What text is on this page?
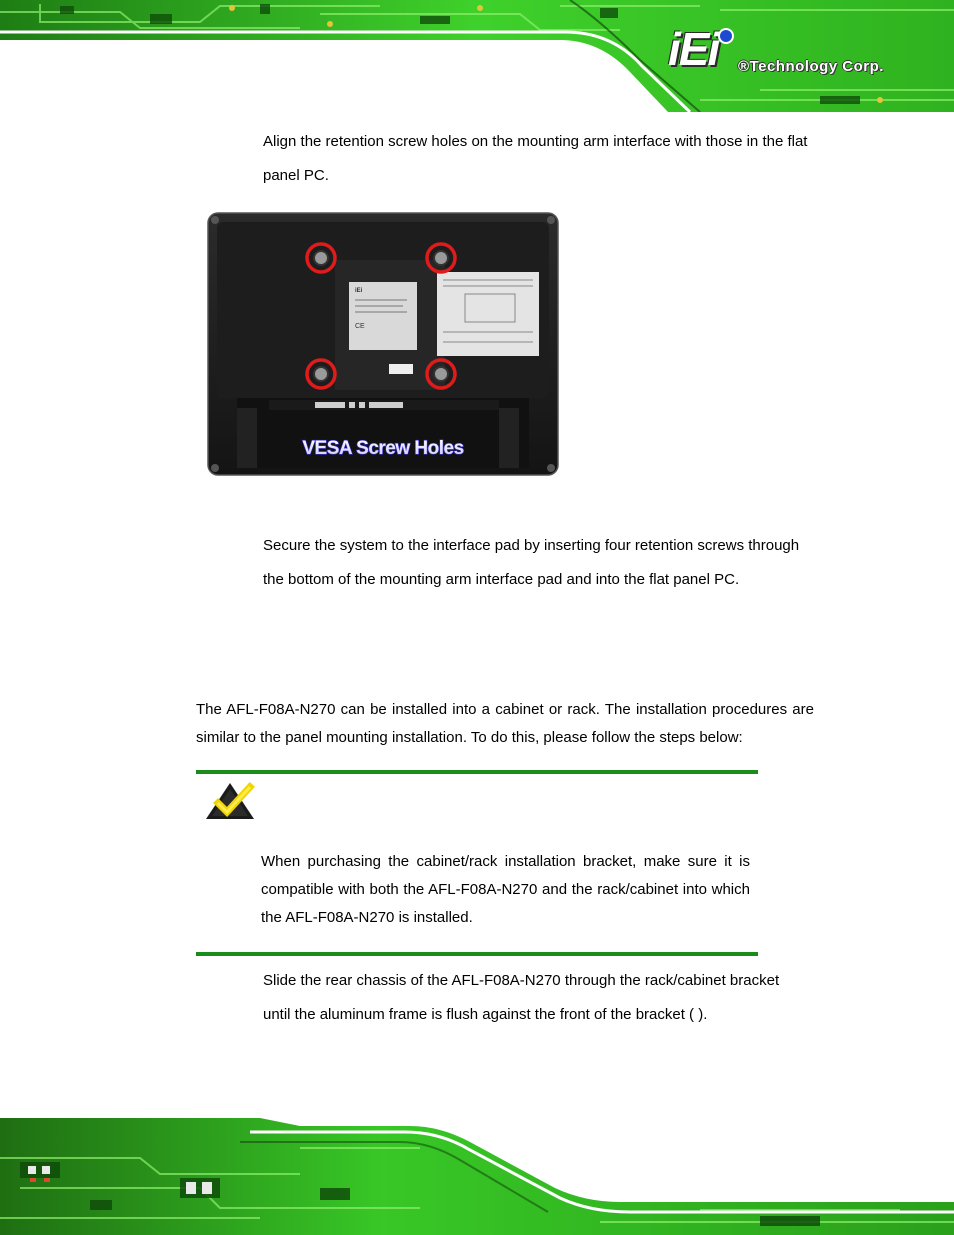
iEi ®Technology Corp.

Align the retention screw holes on the mounting arm interface with those in the flat panel PC.

iEi
CE
VESA Screw Holes

Secure the system to the interface pad by inserting four retention screws through the bottom of the mounting arm interface pad and into the flat panel PC.

The AFL-F08A-N270 can be installed into a cabinet or rack. The installation procedures are similar to the panel mounting installation. To do this, please follow the steps below:

When purchasing the cabinet/rack installation bracket, make sure it is compatible with both the AFL-F08A-N270 and the rack/cabinet into which the AFL-F08A-N270 is installed.

Slide the rear chassis of the AFL-F08A-N270 through the rack/cabinet bracket until the aluminum frame is flush against the front of the bracket ( ).
